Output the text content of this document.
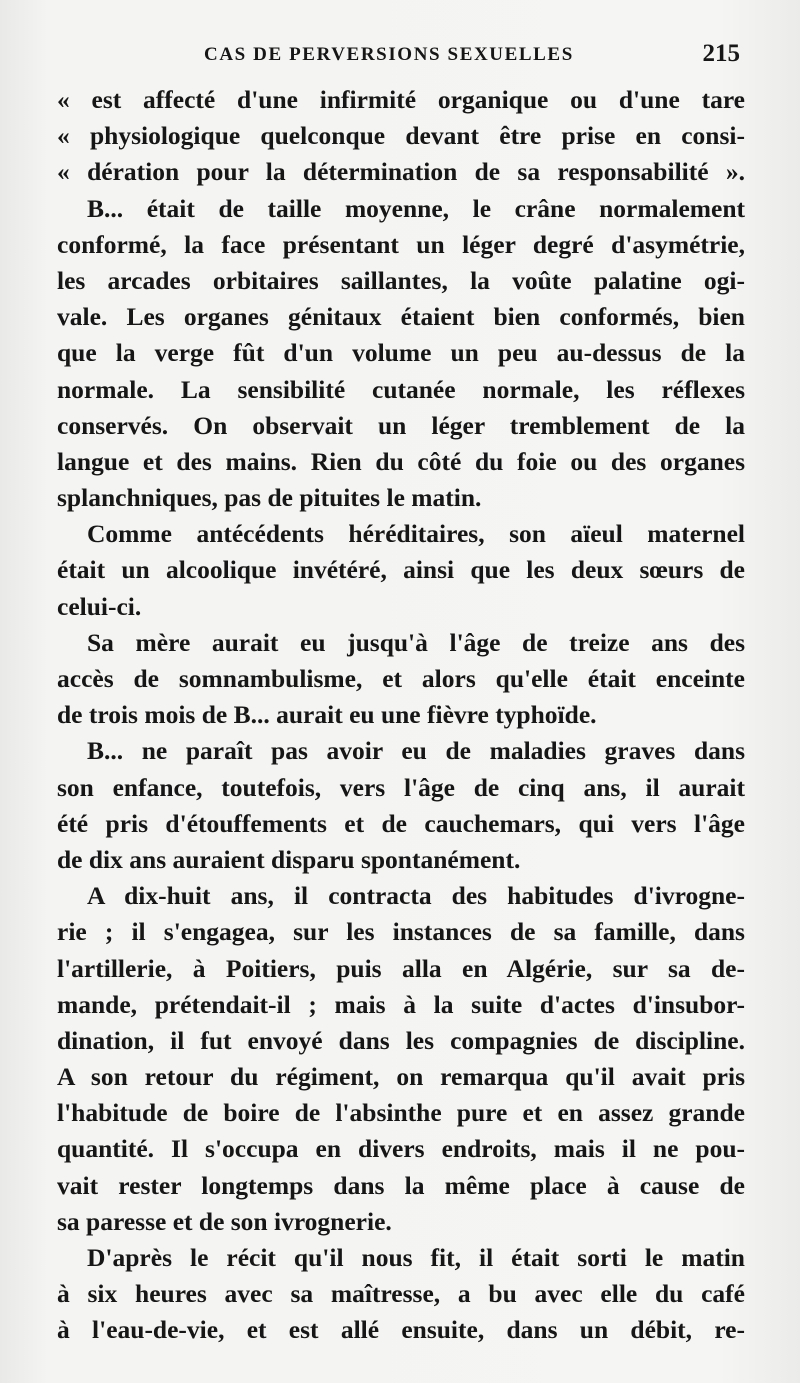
CAS DE PERVERSIONS SEXUELLES	215
« est affecté d'une infirmité organique ou d'une tare
« physiologique quelconque devant être prise en consi-
« dération pour la détermination de sa responsabilité ».
B... était de taille moyenne, le crâne normalement
conformé, la face présentant un léger degré d'asymétrie,
les arcades orbitaires saillantes, la voûte palatine ogi-
vale. Les organes génitaux étaient bien conformés, bien
que la verge fût d'un volume un peu au-dessus de la
normale. La sensibilité cutanée normale, les réflexes
conservés. On observait un léger tremblement de la
langue et des mains. Rien du côté du foie ou des organes
splanchniques, pas de pituites le matin.
Comme antécédents héréditaires, son aïeul maternel
était un alcoolique invétéré, ainsi que les deux sœurs de
celui-ci.
Sa mère aurait eu jusqu'à l'âge de treize ans des
accès de somnambulisme, et alors qu'elle était enceinte
de trois mois de B... aurait eu une fièvre typhoïde.
B... ne paraît pas avoir eu de maladies graves dans
son enfance, toutefois, vers l'âge de cinq ans, il aurait
été pris d'étouffements et de cauchemars, qui vers l'âge
de dix ans auraient disparu spontanément.
A dix-huit ans, il contracta des habitudes d'ivrogne-
rie ; il s'engagea, sur les instances de sa famille, dans
l'artillerie, à Poitiers, puis alla en Algérie, sur sa de-
mande, prétendait-il ; mais à la suite d'actes d'insubor-
dination, il fut envoyé dans les compagnies de discipline.
A son retour du régiment, on remarqua qu'il avait pris
l'habitude de boire de l'absinthe pure et en assez grande
quantité. Il s'occupa en divers endroits, mais il ne pou-
vait rester longtemps dans la même place à cause de
sa paresse et de son ivrognerie.
D'après le récit qu'il nous fit, il était sorti le matin
à six heures avec sa maîtresse, a bu avec elle du café
à l'eau-de-vie, et est allé ensuite, dans un débit, re-
